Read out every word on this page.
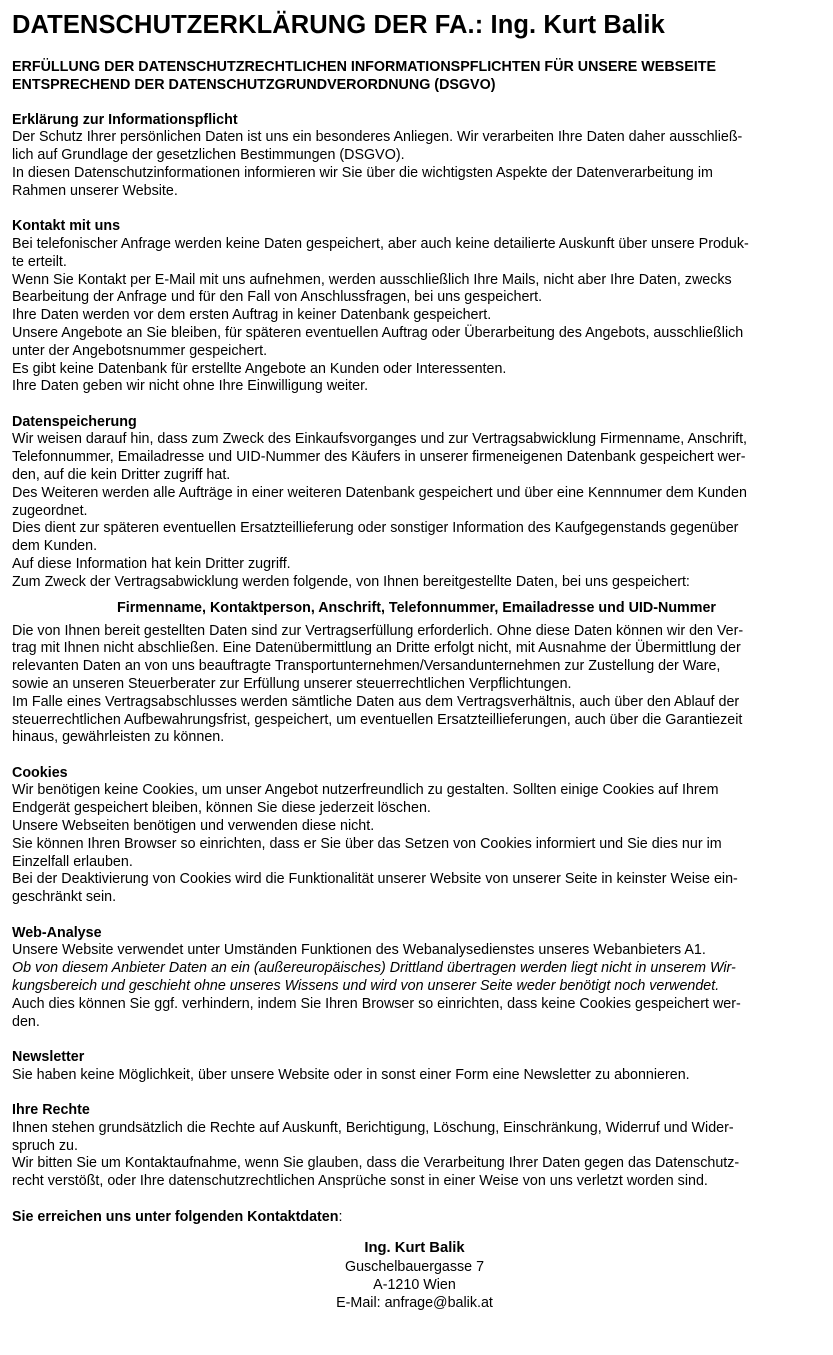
DATENSCHUTZERKLÄRUNG DER FA.: Ing. Kurt Balik
ERFÜLLUNG DER DATENSCHUTZRECHTLICHEN INFORMATIONSPFLICHTEN FÜR UNSERE WEBSEITE
ENTSPRECHEND DER DATENSCHUTZGRUNDVERORDNUNG (DSGVO)
Erklärung zur Informationspflicht
Der Schutz Ihrer persönlichen Daten ist uns ein besonderes Anliegen. Wir verarbeiten Ihre Daten daher ausschließ-
lich auf Grundlage der gesetzlichen Bestimmungen (DSGVO).
In diesen Datenschutzinformationen informieren wir Sie über die wichtigsten Aspekte der Datenverarbeitung im
Rahmen unserer Website.
Kontakt mit uns
Bei telefonischer Anfrage werden keine Daten gespeichert, aber auch keine detailierte Auskunft über unsere Produk-
te erteilt.
Wenn Sie Kontakt per E-Mail mit uns aufnehmen, werden ausschließlich Ihre Mails, nicht aber Ihre Daten, zwecks
Bearbeitung der Anfrage und für den Fall von Anschlussfragen, bei uns gespeichert.
Ihre Daten werden vor dem ersten Auftrag in keiner Datenbank gespeichert.
Unsere Angebote an Sie bleiben, für späteren eventuellen Auftrag oder Überarbeitung des Angebots, ausschließlich
unter der Angebotsnummer gespeichert.
Es gibt keine Datenbank für erstellte Angebote an Kunden oder Interessenten.
Ihre Daten geben wir nicht ohne Ihre Einwilligung weiter.
Datenspeicherung
Wir weisen darauf hin, dass zum Zweck des Einkaufsvorganges und zur Vertragsabwicklung Firmenname, Anschrift,
Telefonnummer, Emailadresse und UID-Nummer des Käufers in unserer firmeneigenen Datenbank gespeichert wer-
den, auf die kein Dritter zugriff hat.
Des Weiteren werden alle Aufträge in einer weiteren Datenbank gespeichert und über eine Kennnumer dem Kunden
zugeordnet.
Dies dient zur späteren eventuellen Ersatzteillieferung oder sonstiger Information des Kaufgegenstands gegenüber
dem Kunden.
Auf diese Information hat kein Dritter zugriff.
Zum Zweck der Vertragsabwicklung werden folgende, von Ihnen bereitgestellte Daten, bei uns gespeichert:
Firmenname, Kontaktperson, Anschrift, Telefonnummer, Emailadresse und UID-Nummer
Die von Ihnen bereit gestellten Daten sind zur Vertragserfüllung erforderlich. Ohne diese Daten können wir den Ver-
trag mit Ihnen nicht abschließen. Eine Datenübermittlung an Dritte erfolgt nicht, mit Ausnahme der Übermittlung der
relevanten Daten an von uns beauftragte Transportunternehmen/Versandunternehmen zur Zustellung der Ware,
sowie an unseren Steuerberater zur Erfüllung unserer steuerrechtlichen Verpflichtungen.
Im Falle eines Vertragsabschlusses werden sämtliche Daten aus dem Vertragsverhältnis, auch über den Ablauf der
steuerrechtlichen Aufbewahrungsfrist, gespeichert, um eventuellen Ersatzteillieferungen, auch über die Garantiezeit
hinaus, gewährleisten zu können.
Cookies
Wir benötigen keine Cookies, um unser Angebot nutzerfreundlich zu gestalten. Sollten einige Cookies auf Ihrem
Endgerät gespeichert bleiben, können Sie diese jederzeit löschen.
Unsere Webseiten benötigen und verwenden diese nicht.
Sie können Ihren Browser so einrichten, dass er Sie über das Setzen von Cookies informiert und Sie dies nur im
Einzelfall erlauben.
Bei der Deaktivierung von Cookies wird die Funktionalität unserer Website von unserer Seite in keinster Weise ein-
geschränkt sein.
Web-Analyse
Unsere Website verwendet unter Umständen Funktionen des Webanalysedienstes unseres Webanbieters A1.
Ob von diesem Anbieter Daten an ein (außereuropäisches) Drittland übertragen werden liegt nicht in unserem Wir-
kungsbereich und geschieht ohne unseres Wissens und wird von unserer Seite weder benötigt noch verwendet.
Auch dies können Sie ggf. verhindern, indem Sie Ihren Browser so einrichten, dass keine Cookies gespeichert wer-
den.
Newsletter
Sie haben keine Möglichkeit, über unsere Website oder in sonst einer Form eine Newsletter zu abonnieren.
Ihre Rechte
Ihnen stehen grundsätzlich die Rechte auf Auskunft, Berichtigung, Löschung, Einschränkung, Widerruf und Wider-
spruch zu.
Wir bitten Sie um Kontaktaufnahme, wenn Sie glauben, dass die Verarbeitung Ihrer Daten gegen das Datenschutz-
recht verstößt, oder Ihre datenschutzrechtlichen Ansprüche sonst in einer Weise von uns verletzt worden sind.
Sie erreichen uns unter folgenden Kontaktdaten:
Ing. Kurt Balik
Guschelbauergasse 7
A-1210 Wien
E-Mail: anfrage@balik.at
